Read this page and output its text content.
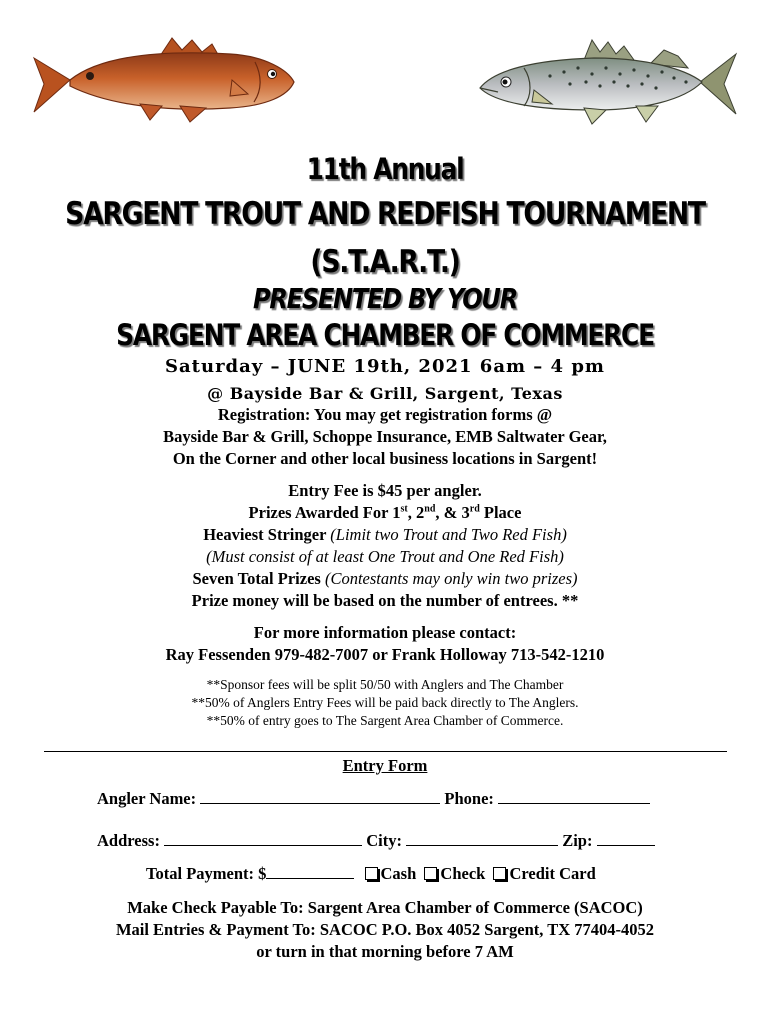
11th Annual
SARGENT TROUT AND REDFISH TOURNAMENT
(S.T.A.R.T.)
PRESENTED BY YOUR
SARGENT AREA CHAMBER OF COMMERCE
Saturday – JUNE 19th, 2021 6am – 4 pm
@ Bayside Bar & Grill, Sargent, Texas
Registration: You may get registration forms @
Bayside Bar & Grill, Schoppe Insurance, EMB Saltwater Gear,
On the Corner and other local business locations in Sargent!
Entry Fee is $45 per angler.
Prizes Awarded For 1st, 2nd, & 3rd Place
Heaviest Stringer (Limit two Trout and Two Red Fish)
(Must consist of at least One Trout and One Red Fish)
Seven Total Prizes (Contestants may only win two prizes)
Prize money will be based on the number of entrees. **
For more information please contact:
Ray Fessenden 979-482-7007 or Frank Holloway 713-542-1210
**Sponsor fees will be split 50/50 with Anglers and The Chamber
**50% of Anglers Entry Fees will be paid back directly to The Anglers.
**50% of entry goes to The Sargent Area Chamber of Commerce.
Entry Form
Angler Name:	Phone:
Address:	City:	Zip:
Total Payment: $	Cash Check Credit Card
Make Check Payable To: Sargent Area Chamber of Commerce (SACOC)
Mail Entries & Payment To: SACOC P.O. Box 4052 Sargent, TX 77404-4052
or turn in that morning before 7 AM
